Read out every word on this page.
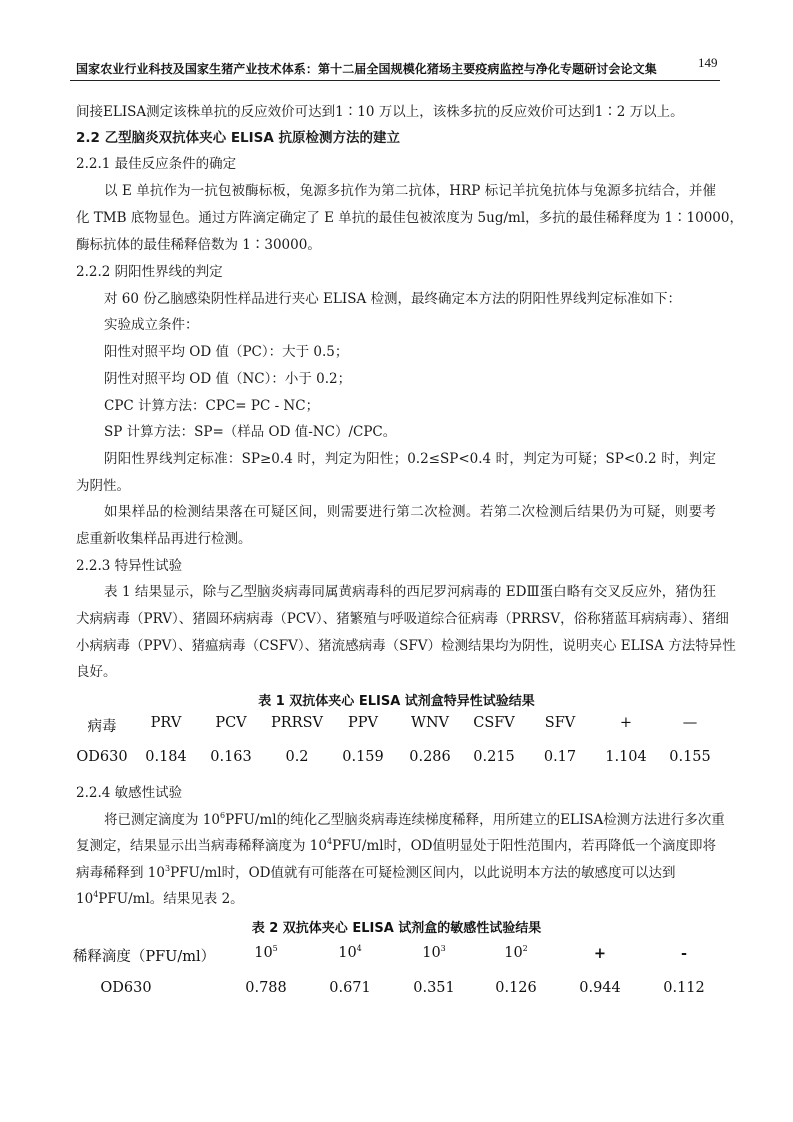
国家农业行业科技及国家生猪产业技术体系：第十二届全国规模化猪场主要疫病监控与净化专题研讨会论文集	149
间接ELISA测定该株单抗的反应效价可达到1∶10 万以上，该株多抗的反应效价可达到1∶2 万以上。
2.2 乙型脑炎双抗体夹心 ELISA 抗原检测方法的建立
2.2.1 最佳反应条件的确定
以 E 单抗作为一抗包被酶标板，兔源多抗作为第二抗体，HRP 标记羊抗兔抗体与兔源多抗结合，并催
化 TMB 底物显色。通过方阵滴定确定了 E 单抗的最佳包被浓度为 5ug/ml，多抗的最佳稀释度为 1∶10000，
酶标抗体的最佳稀释倍数为 1∶30000。
2.2.2 阴阳性界线的判定
对 60 份乙脑感染阴性样品进行夹心 ELISA 检测，最终确定本方法的阴阳性界线判定标准如下：
实验成立条件：
阳性对照平均 OD 值（PC）：大于 0.5；
阴性对照平均 OD 值（NC）：小于 0.2；
CPC 计算方法：CPC= PC - NC；
SP 计算方法：SP=（样品 OD 值-NC）/CPC。
阴阳性界线判定标准：SP≥0.4 时，判定为阳性；0.2≤SP<0.4 时，判定为可疑；SP<0.2 时，判定
为阴性。
如果样品的检测结果落在可疑区间，则需要进行第二次检测。若第二次检测后结果仍为可疑，则要考
虑重新收集样品再进行检测。
2.2.3 特异性试验
表 1 结果显示，除与乙型脑炎病毒同属黄病毒科的西尼罗河病毒的 EDⅢ蛋白略有交叉反应外，猪伪狂
犬病病毒（PRV）、猪圆环病病毒（PCV）、猪繁殖与呼吸道综合征病毒（PRRSV，俗称猪蓝耳病病毒）、猪细
小病病毒（PPV）、猪瘟病毒（CSFV）、猪流感病毒（SFV）检测结果均为阴性，说明夹心 ELISA 方法特异性
良好。
表 1 双抗体夹心 ELISA 试剂盒特异性试验结果
病毒 PRV PCV PRRSV PPV WNV CSFV SFV	+	—
OD630 0.184 0.163 0.2 0.159 0.286 0.215 0.17 1.104 0.155
2.2.4 敏感性试验
将已测定滴度为 $10^6PFU/ml$的纯化乙型脑炎病毒连续梯度稀释，用所建立的ELISA检测方法进行多次重
复测定，结果显示出当病毒稀释滴度为 $10^4PFU/ml$时，OD值明显处于阳性范围内，若再降低一个滴度即将
病毒稀释到 $10^3PFU/ml$时，OD值就有可能落在可疑检测区间内，以此说明本方法的敏感度可以达到
$10^4PFU/ml$。结果见表 2。
表 2 双抗体夹心 ELISA 试剂盒的敏感性试验结果
稀释滴度（PFU/ml）	$10^5$	$10^4$	$10^3$	$10^2$	+	-
OD630	0.788	0.671	0.351	0.126	0.944	0.112
